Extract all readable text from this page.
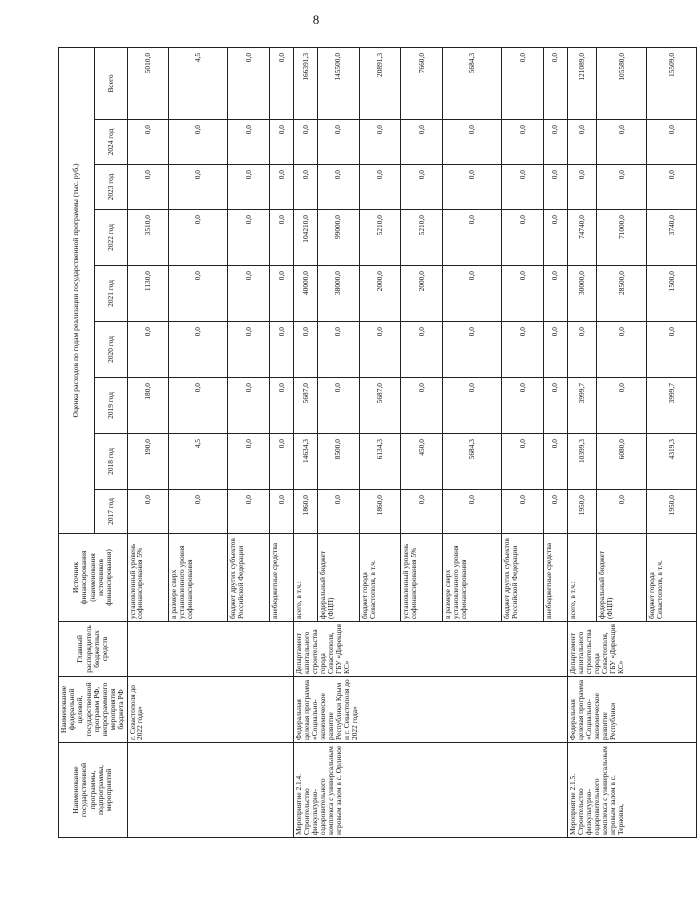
8
Наименование государственной программы, подпрограммы, мероприятий	Наименование федеральной целевой, государственной программ РФ, непрограммного мероприятия бюджета РФ	Главный распорядитель бюджетных средств	Источник финансирования (наименования источников финансирования)	Оценка расходов по годам реализации государственной программы (тыс. руб.)								
				2017 год	2018 год	2019 год	2020 год	2021 год	2022 год	2023 год	2024 год	Всего
	г. Севастополя до 2022 года»		установленный уровень софинансирования 5%	0,0	190,0	180,0	0,0	1130,0	3510,0	0,0	0,0	5010,0
			в размере сверх установленного уровня софинансирования	0,0	4,5	0,0	0,0	0,0	0,0	0,0	0,0	4,5
			бюджет других субъектов Российской Федерации	0,0	0,0	0,0	0,0	0,0	0,0	0,0	0,0	0,0
			внебюджетные средства	0,0	0,0	0,0	0,0	0,0	0,0	0,0	0,0	0,0
Мероприятие 2.1.4. Строительство физкультурно-оздоровительного комплекса с универсальным игровым залом в с. Орлиное	Федеральная целевая программа «Социально-экономическое развитие Республики Крым и г. Севастополя до 2022 года»	Департамент капитального строительства города Севастополя, ГБУ «Дирекция КС»	всего, в т.ч.:	1860,0	14634,3	5687,0	0,0	40000,0	104210,0	0,0	0,0	166391,3
			федеральный бюджет (ФЦП)	0,0	8500,0	0,0	0,0	38000,0	99000,0	0,0	0,0	145500,0
			бюджет города Севастополя, в т.ч.	1860,0	6134,3	5687,0	0,0	2000,0	5210,0	0,0	0,0	20891,3
			установленный уровень софинансирования 5%	0,0	450,0	0,0	0,0	2000,0	5210,0	0,0	0,0	7660,0
			в размере сверх установленного уровня софинансирования	0,0	5684,3	0,0	0,0	0,0	0,0	0,0	0,0	5684,3
			бюджет других субъектов Российской Федерации	0,0	0,0	0,0	0,0	0,0	0,0	0,0	0,0	0,0
			внебюджетные средства	0,0	0,0	0,0	0,0	0,0	0,0	0,0	0,0	0,0
Мероприятие 2.1.5. Строительство физкультурно-оздоровительного комплекса с универсальным игровым залом в с. Терновка,	Федеральная целевая программа «Социально-экономическое развитие Республики	Департамент капитального строительства города Севастополя, ГБУ «Дирекция КС»	всего, в т.ч.:	1950,0	10399,3	3999,7	0,0	30000,0	74740,0	0,0	0,0	121089,0
			федеральный бюджет (ФЦП)	0,0	6080,0	0,0	0,0	28500,0	71000,0	0,0	0,0	105580,0
			бюджет города Севастополя, в т.ч.	1950,0	4319,3	3999,7	0,0	1500,0	3740,0	0,0	0,0	15509,0
